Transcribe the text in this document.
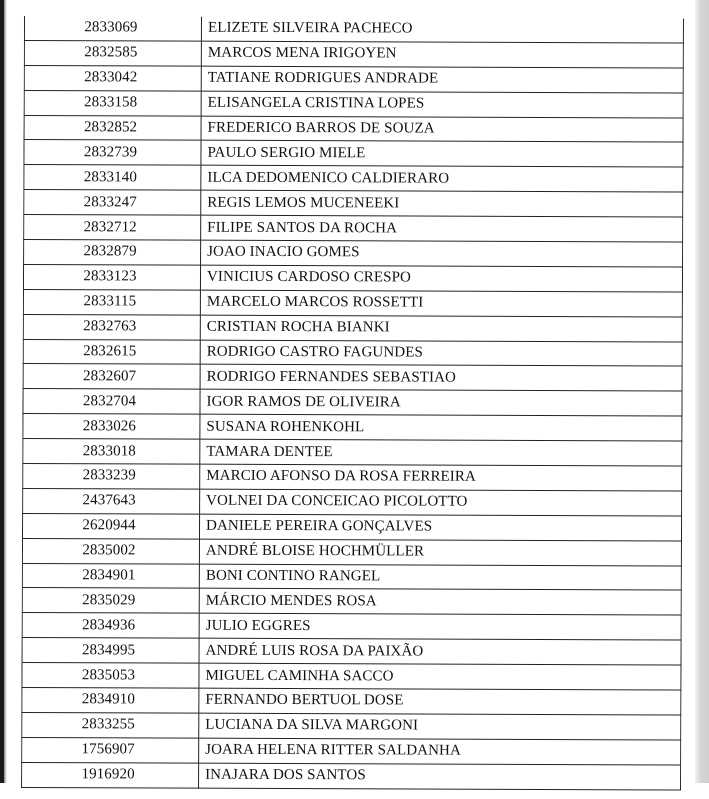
2833069	ELIZETE SILVEIRA PACHECO
2832585	MARCOS MENA IRIGOYEN
2833042	TATIANE RODRIGUES ANDRADE
2833158	ELISANGELA CRISTINA LOPES
2832852	FREDERICO BARROS DE SOUZA
2832739	PAULO SERGIO MIELE
2833140	ILCA DEDOMENICO CALDIERARO
2833247	REGIS LEMOS MUCENEEKI
2832712	FILIPE SANTOS DA ROCHA
2832879	JOAO INACIO GOMES
2833123	VINICIUS CARDOSO CRESPO
2833115	MARCELO MARCOS ROSSETTI
2832763	CRISTIAN ROCHA BIANKI
2832615	RODRIGO CASTRO FAGUNDES
2832607	RODRIGO FERNANDES SEBASTIAO
2832704	IGOR RAMOS DE OLIVEIRA
2833026	SUSANA ROHENKOHL
2833018	TAMARA DENTEE
2833239	MARCIO AFONSO DA ROSA FERREIRA
2437643	VOLNEI DA CONCEICAO PICOLOTTO
2620944	DANIELE PEREIRA GONÇALVES
2835002	ANDRÉ BLOISE HOCHMÜLLER
2834901	BONI CONTINO RANGEL
2835029	MÁRCIO MENDES ROSA
2834936	JULIO EGGRES
2834995	ANDRÉ LUIS ROSA DA PAIXÃO
2835053	MIGUEL CAMINHA SACCO
2834910	FERNANDO BERTUOL DOSE
2833255	LUCIANA DA SILVA MARGONI
1756907	JOARA HELENA RITTER SALDANHA
1916920	INAJARA DOS SANTOS
